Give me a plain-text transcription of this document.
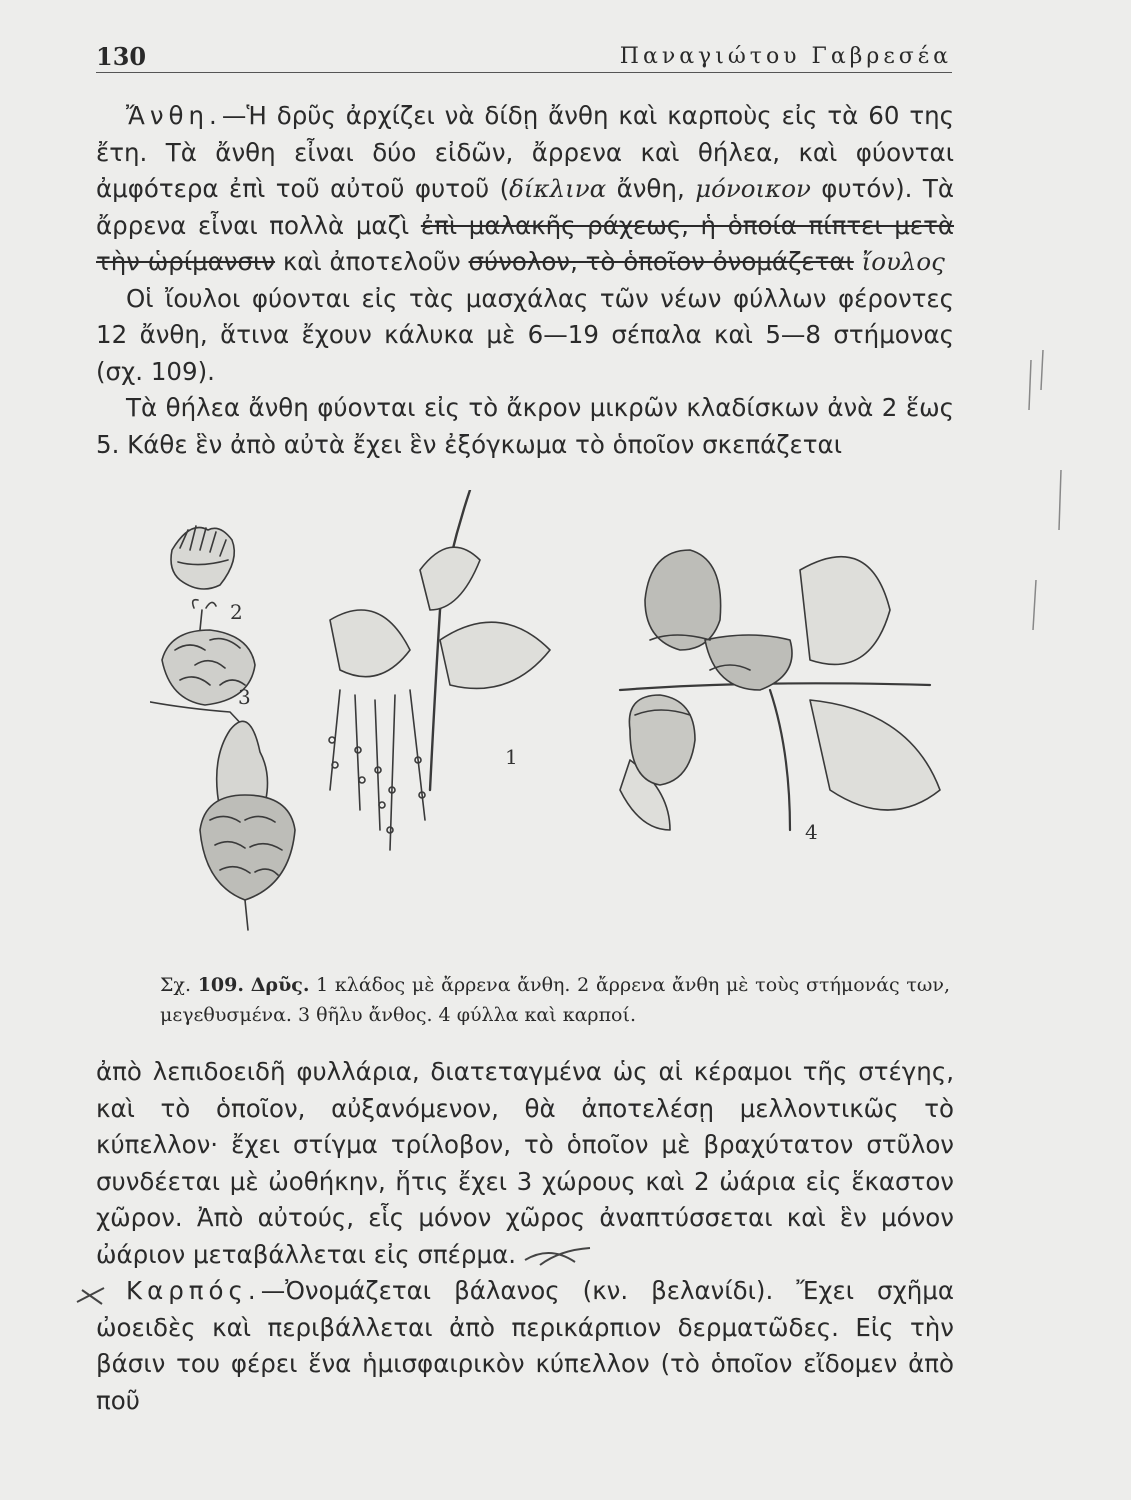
130	Παναγιώτου Γαβρεσέα

Ἄνθη.—Ἡ δρῦς ἀρχίζει νὰ δίδῃ ἄνθη καὶ καρποὺς εἰς τὰ 60 της ἔτη. Τὰ ἄνθη εἶναι δύο εἰδῶν, ἄρρενα καὶ θήλεα, καὶ φύονται ἀμφότερα ἐπὶ τοῦ αὐτοῦ φυτοῦ (δίκλινα ἄνθη, μόνοικον φυτόν). Τὰ ἄρρενα εἶναι πολλὰ μαζὶ ἐπὶ μαλακῆς ράχεως, ἡ ὁποία πίπτει μετὰ τὴν ὡρίμανσιν καὶ ἀποτελοῦν σύνολον, τὸ ὁποῖον ὀνομάζεται ἴουλος

Οἱ ἴουλοι φύονται εἰς τὰς μασχάλας τῶν νέων φύλλων φέροντες 12 ἄνθη, ἅτινα ἔχουν κάλυκα μὲ 6—19 σέπαλα καὶ 5—8 στήμονας (σχ. 109).

Τὰ θήλεα ἄνθη φύονται εἰς τὸ ἄκρον μικρῶν κλαδίσκων ἀνὰ 2 ἕως 5. Κάθε ἓν ἀπὸ αὐτὰ ἔχει ἓν ἐξόγκωμα τὸ ὁποῖον σκεπάζεται

2
3
1
4
Σχ. 109. Δρῦς. 1 κλάδος μὲ ἄρρενα ἄνθη. 2 ἄρρενα ἄνθη μὲ τοὺς στήμονάς των, μεγεθυσμένα. 3 θῆλυ ἄνθος. 4 φύλλα καὶ καρποί.

ἀπὸ λεπιδοειδῆ φυλλάρια, διατεταγμένα ὡς αἱ κέραμοι τῆς στέγης, καὶ τὸ ὁποῖον, αὐξανόμενον, θὰ ἀποτελέσῃ μελλοντικῶς τὸ κύπελλον· ἔχει στίγμα τρίλοβον, τὸ ὁποῖον μὲ βραχύτατον στῦλον συνδέεται μὲ ὠοθήκην, ἥτις ἔχει 3 χώρους καὶ 2 ὠάρια εἰς ἕκαστον χῶρον. Ἀπὸ αὐτούς, εἷς μόνον χῶρος ἀναπτύσσεται καὶ ἓν μόνον ὠάριον μεταβάλλεται εἰς σπέρμα.

Καρπός.—Ὀνομάζεται βάλανος (κν. βελανίδι). Ἔχει σχῆμα ὠοειδὲς καὶ περιβάλλεται ἀπὸ περικάρπιον δερματῶδες. Εἰς τὴν βάσιν του φέρει ἕνα ἡμισφαιρικὸν κύπελλον (τὸ ὁποῖον εἴδομεν ἀπὸ ποῦ
